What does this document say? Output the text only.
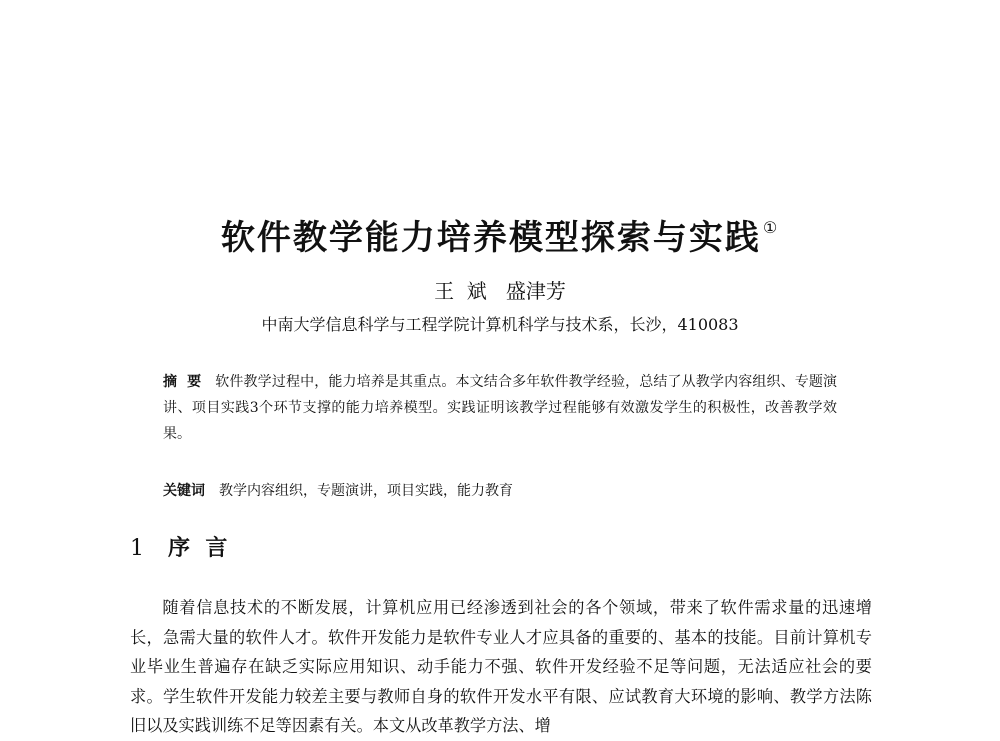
软件教学能力培养模型探索与实践 ①
王  斌   盛津芳
中南大学信息科学与工程学院计算机科学与技术系，长沙，410083
摘  要 软件教学过程中，能力培养是其重点。本文结合多年软件教学经验，总结了从教学内容组织、专题演讲、项目实践3个环节支撑的能力培养模型。实践证明该教学过程能够有效激发学生的积极性，改善教学效果。
关键词 教学内容组织，专题演讲，项目实践，能力教育
1 序  言
随着信息技术的不断发展，计算机应用已经渗透到社会的各个领域，带来了软件需求量的迅速增长，急需大量的软件人才。软件开发能力是软件专业人才应具备的重要的、基本的技能。目前计算机专业毕业生普遍存在缺乏实际应用知识、动手能力不强、软件开发经验不足等问题，无法适应社会的要求。学生软件开发能力较差主要与教师自身的软件开发水平有限、应试教育大环境的影响、教学方法陈旧以及实践训练不足等因素有关。本文从改革教学方法、增
